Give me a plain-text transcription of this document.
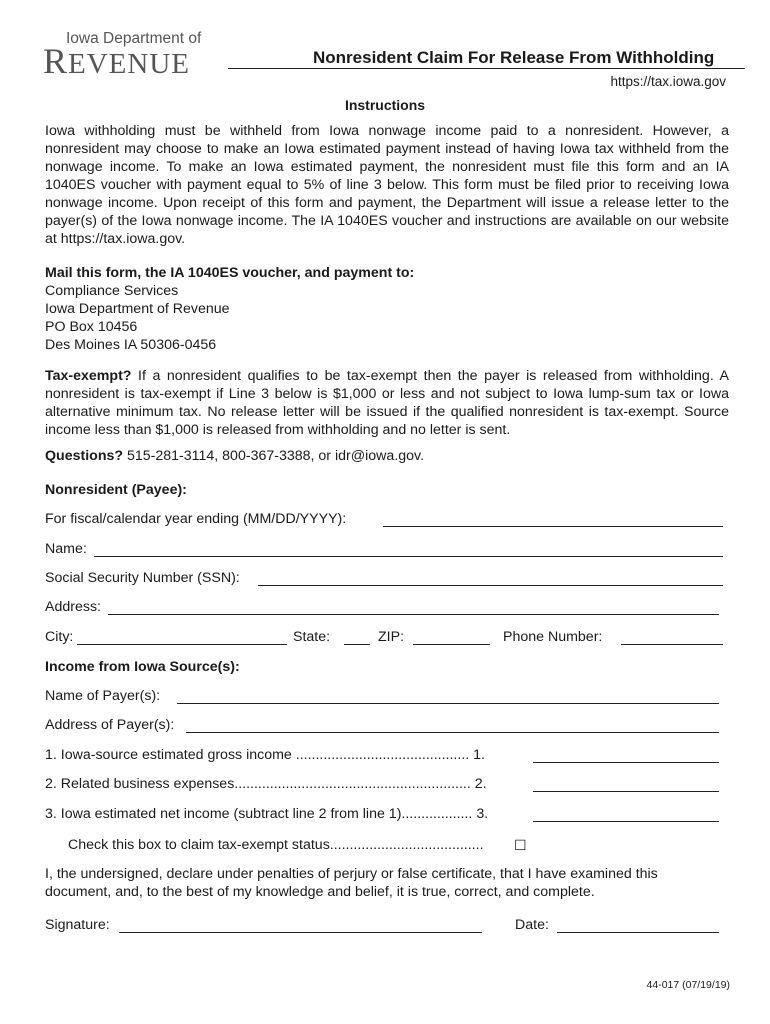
Iowa Department of
REVENUE	Nonresident Claim For Release From Withholding
https://tax.iowa.gov
Instructions
Iowa withholding must be withheld from Iowa nonwage income paid to a nonresident. However, a nonresident may choose to make an Iowa estimated payment instead of having Iowa tax withheld from the nonwage income. To make an Iowa estimated payment, the nonresident must file this form and an IA 1040ES voucher with payment equal to 5% of line 3 below. This form must be filed prior to receiving Iowa nonwage income. Upon receipt of this form and payment, the Department will issue a release letter to the payer(s) of the Iowa nonwage income. The IA 1040ES voucher and instructions are available on our website at https://tax.iowa.gov.
Mail this form, the IA 1040ES voucher, and payment to:
Compliance Services
Iowa Department of Revenue
PO Box 10456
Des Moines IA 50306-0456
Tax-exempt? If a nonresident qualifies to be tax-exempt then the payer is released from withholding. A nonresident is tax-exempt if Line 3 below is $1,000 or less and not subject to Iowa lump-sum tax or Iowa alternative minimum tax. No release letter will be issued if the qualified nonresident is tax-exempt. Source income less than $1,000 is released from withholding and no letter is sent.
Questions? 515-281-3114, 800-367-3388, or idr@iowa.gov.
Nonresident (Payee):
For fiscal/calendar year ending (MM/DD/YYYY):
Name:
Social Security Number (SSN):
Address:
City:	State:	ZIP:	Phone Number:
Income from Iowa Source(s):
Name of Payer(s):
Address of Payer(s):
1. Iowa-source estimated gross income ............................................ 1.
2. Related business expenses............................................................ 2.
3. Iowa estimated net income (subtract line 2 from line 1).................. 3.
Check this box to claim tax-exempt status....................................... ☐
I, the undersigned, declare under penalties of perjury or false certificate, that I have examined this document, and, to the best of my knowledge and belief, it is true, correct, and complete.
Signature:	Date:
44-017 (07/19/19)
